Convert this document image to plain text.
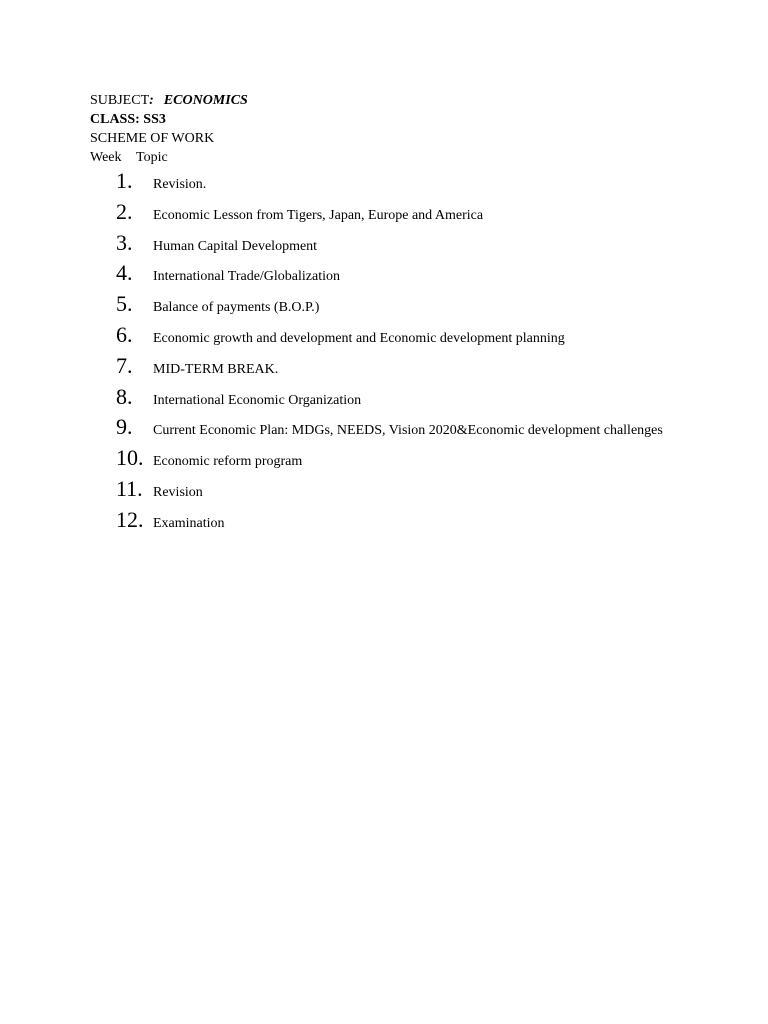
SUBJECT: ECONOMICS
CLASS: SS3
SCHEME OF WORK
Week Topic
1.	Revision.
2.	Economic Lesson from Tigers, Japan, Europe and America
3.	Human Capital Development
4.	International Trade/Globalization
5.	Balance of payments (B.O.P.)
6.	Economic growth and development and Economic development planning
7.	MID-TERM BREAK.
8.	International Economic Organization
9.	Current Economic Plan: MDGs, NEEDS, Vision 2020&Economic development challenges
10. Economic reform program
11. Revision
12. Examination
